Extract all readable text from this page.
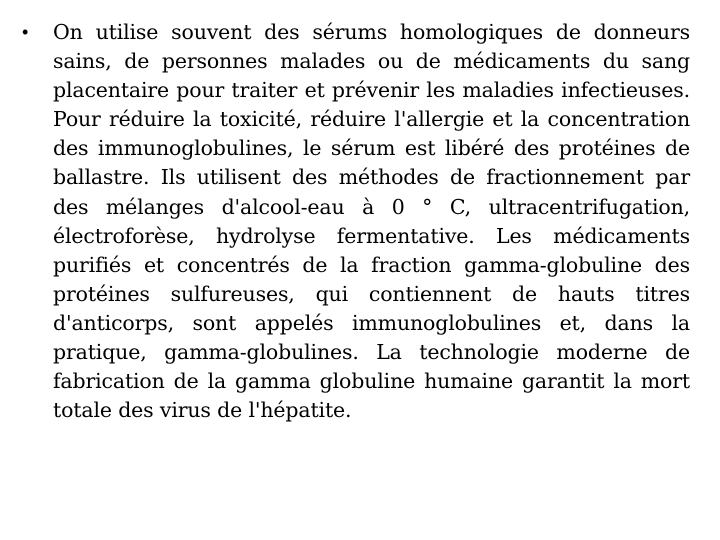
•	On utilise souvent des sérums homologiques de donneurs sains, de personnes malades ou de médicaments du sang placentaire pour traiter et prévenir les maladies infectieuses. Pour réduire la toxicité, réduire l'allergie et la concentration des immunoglobulines, le sérum est libéré des protéines de ballastre. Ils utilisent des méthodes de fractionnement par des mélanges d'alcool-eau à 0 ° C, ultracentrifugation, électroforèse, hydrolyse fermentative. Les médicaments purifiés et concentrés de la fraction gamma-globuline des protéines sulfureuses, qui contiennent de hauts titres d'anticorps, sont appelés immunoglobulines et, dans la pratique, gamma-globulines. La technologie moderne de fabrication de la gamma globuline humaine garantit la mort totale des virus de l'hépatite.
